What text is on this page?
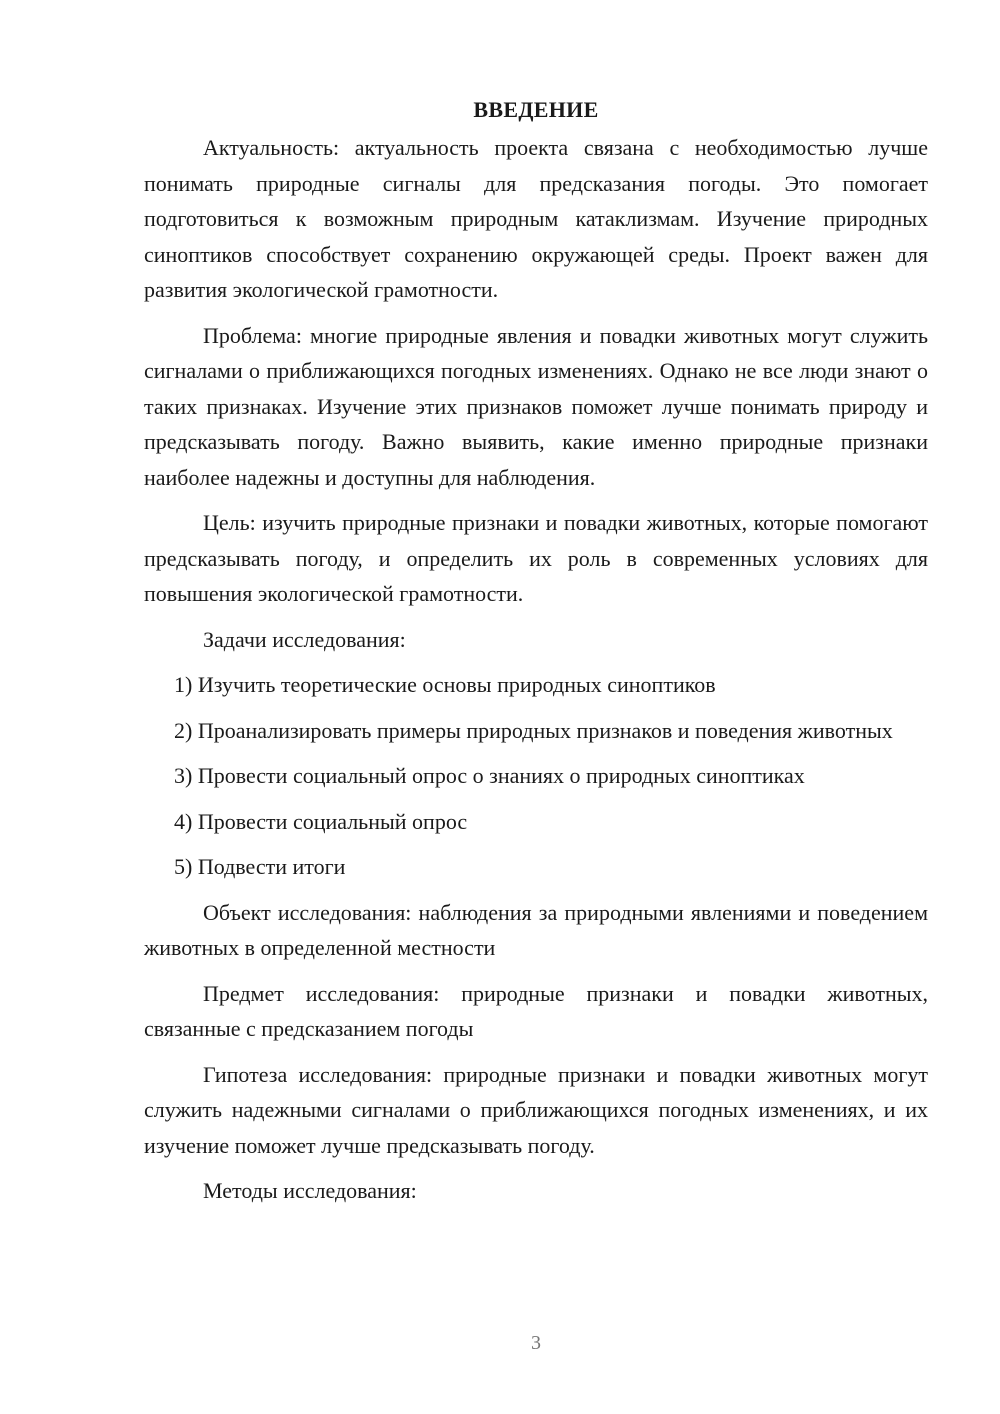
ВВЕДЕНИЕ

Актуальность: актуальность проекта связана с необходимостью лучше понимать природные сигналы для предсказания погоды. Это помогает подготовиться к возможным природным катаклизмам. Изучение природных синоптиков способствует сохранению окружающей среды. Проект важен для развития экологической грамотности.

Проблема: многие природные явления и повадки животных могут служить сигналами о приближающихся погодных изменениях. Однако не все люди знают о таких признаках. Изучение этих признаков поможет лучше понимать природу и предсказывать погоду. Важно выявить, какие именно природные признаки наиболее надежны и доступны для наблюдения.

Цель: изучить природные признаки и повадки животных, которые помогают предсказывать погоду, и определить их роль в современных условиях для повышения экологической грамотности.

Задачи исследования:

1) Изучить теоретические основы природных синоптиков

2) Проанализировать примеры природных признаков и поведения животных

3) Провести социальный опрос о знаниях о природных синоптиках

4) Провести социальный опрос

5) Подвести итоги

Объект исследования: наблюдения за природными явлениями и поведением животных в определенной местности

Предмет исследования: природные признаки и повадки животных, связанные с предсказанием погоды

Гипотеза исследования: природные признаки и повадки животных могут служить надежными сигналами о приближающихся погодных изменениях, и их изучение поможет лучше предсказывать погоду.

Методы исследования:

3
